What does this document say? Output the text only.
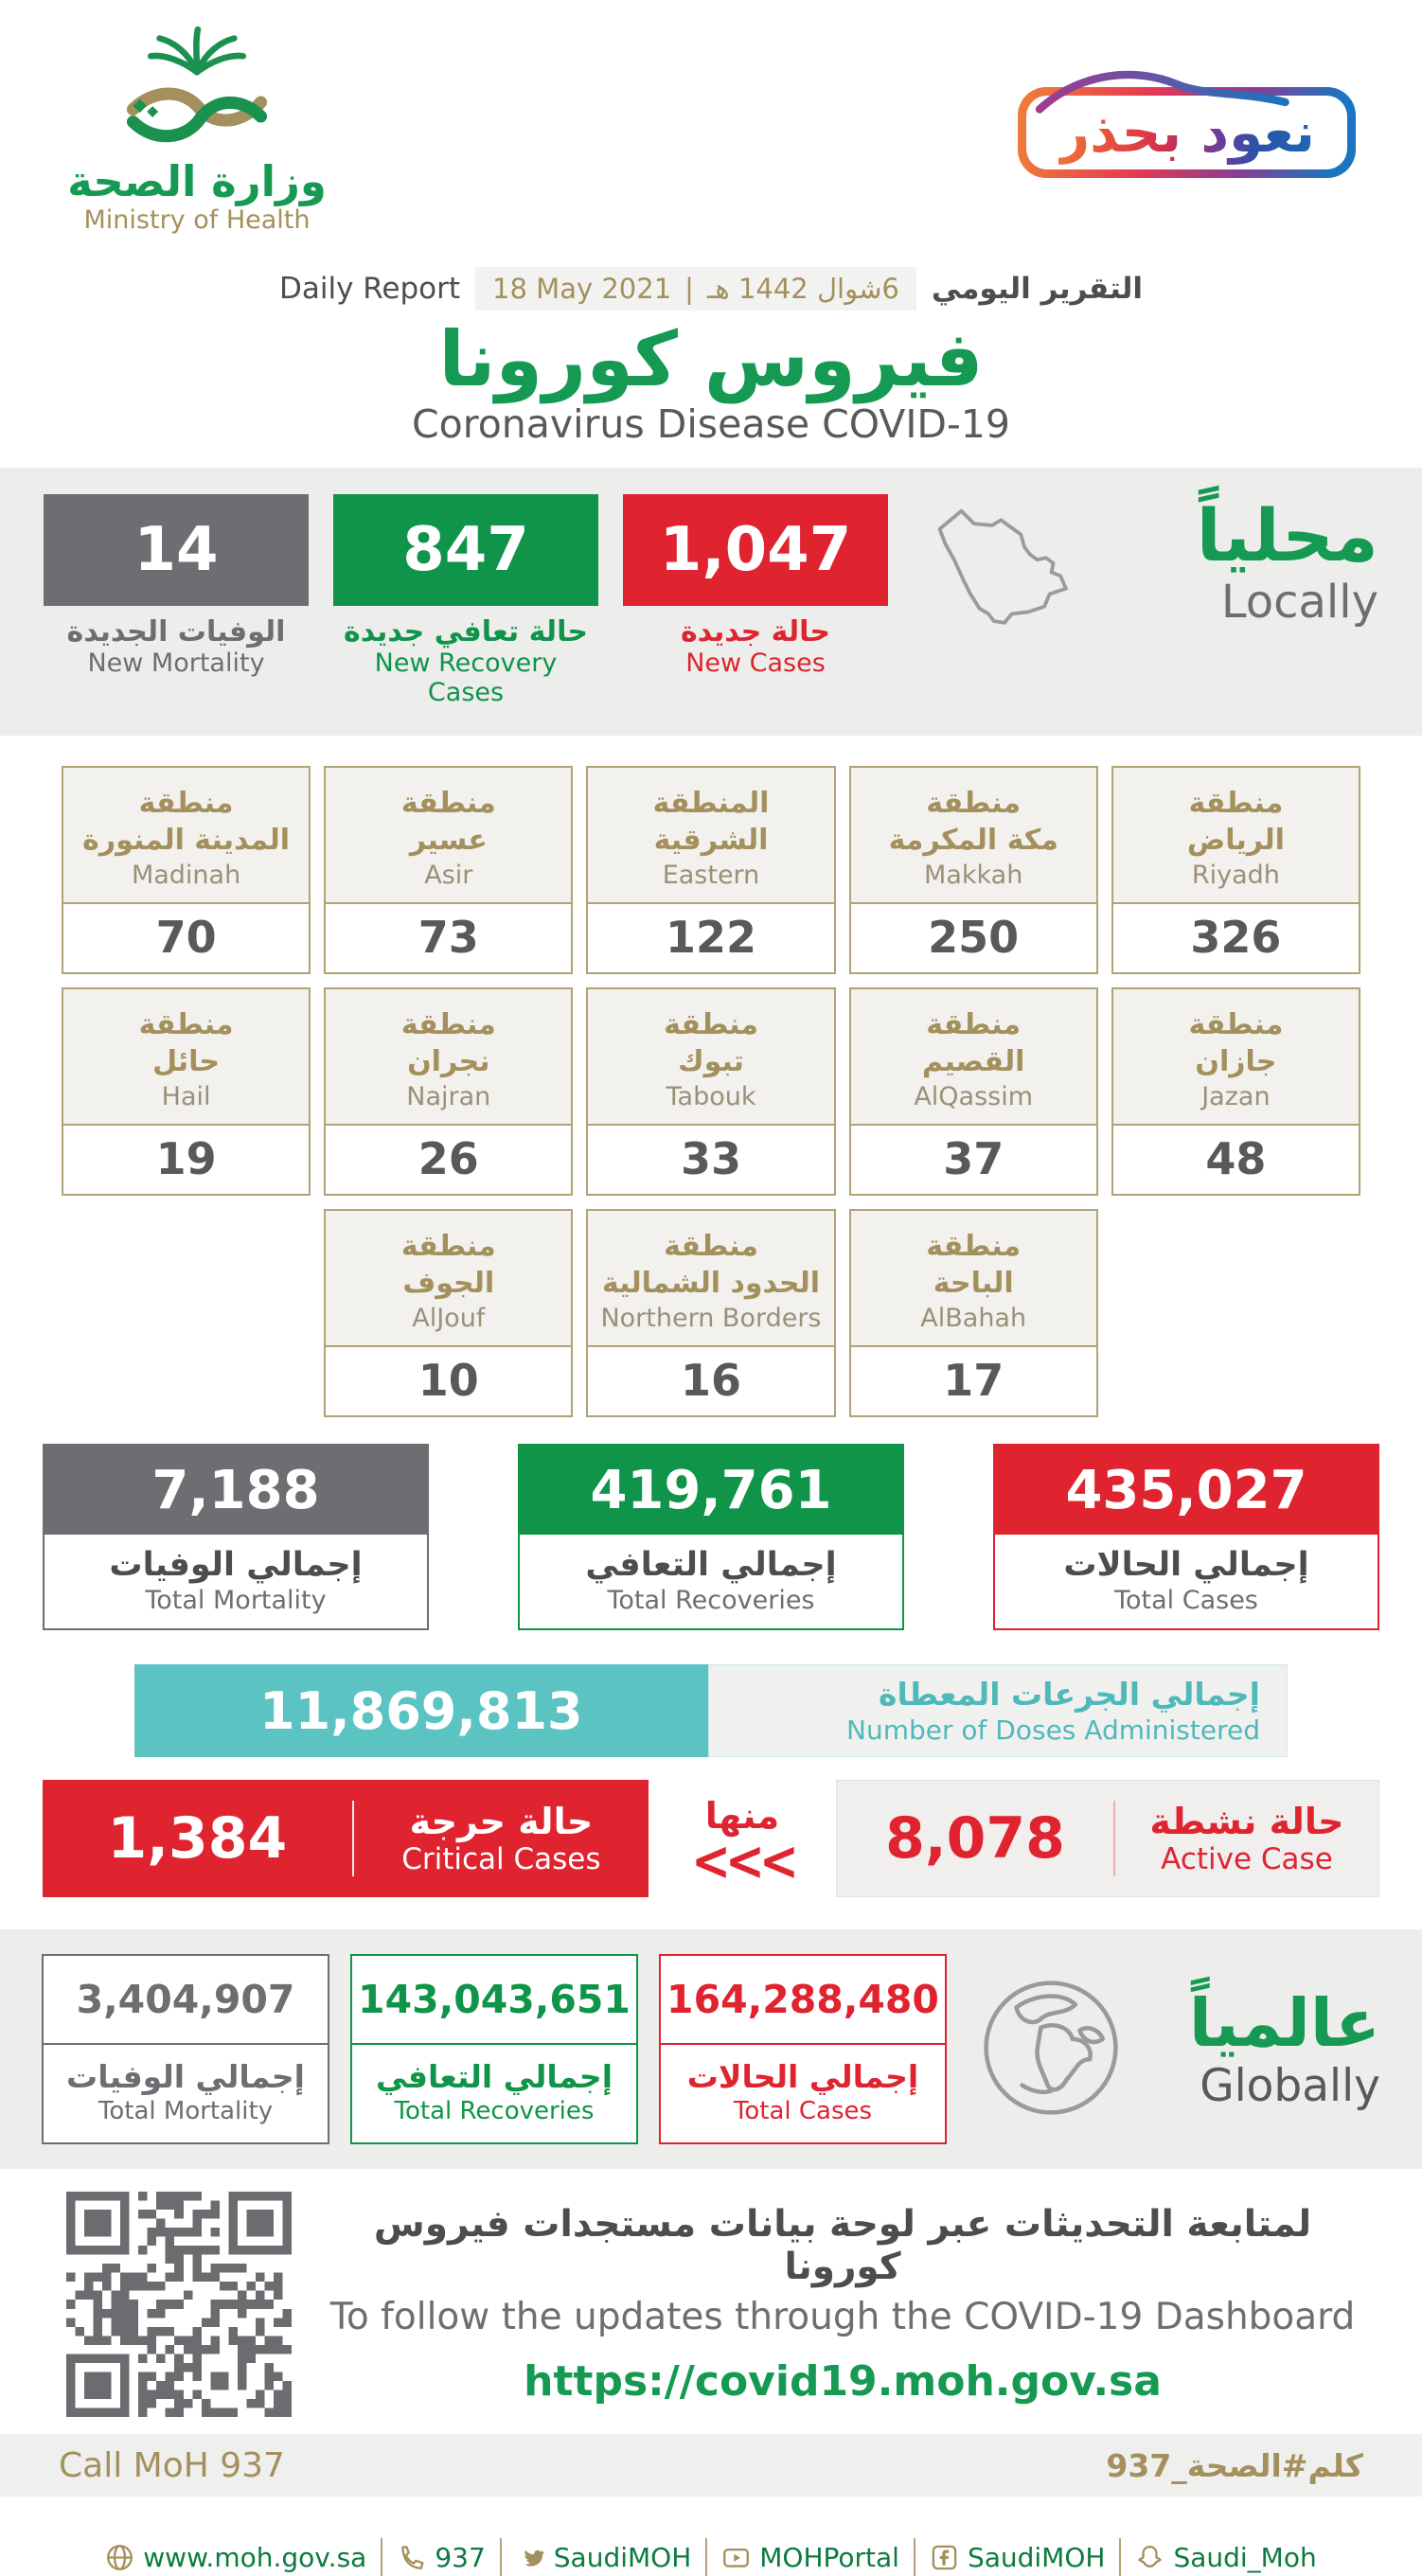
وزارة الصحة
Ministry of Health
نعود بحذر
Daily Report 18 May 2021 | 6شوال 1442 هـ التقرير اليومي
فيروس كورونا
Coronavirus Disease COVID-19
14
الوفيات الجديدة
New Mortality
847
حالة تعافي جديدة
New Recovery Cases
1,047
حالة جديدة
New Cases
محلياً
Locally
منطقة
المدينة المنورة
Madinah
70
منطقة
عسير
Asir
73
المنطقة
الشرقية
Eastern
122
منطقة
مكة المكرمة
Makkah
250
منطقة
الرياض
Riyadh
326
منطقة
حائل
Hail
19
منطقة
نجران
Najran
26
منطقة
تبوك
Tabouk
33
منطقة
القصيم
AlQassim
37
منطقة
جازان
Jazan
48
منطقة
الجوف
AlJouf
10
منطقة
الحدود الشمالية
Northern Borders
16
منطقة
الباحة
AlBahah
17
7,188
إجمالي الوفيات
Total Mortality
419,761
إجمالي التعافي
Total Recoveries
435,027
إجمالي الحالات
Total Cases
11,869,813	إجمالي الجرعات المعطاة
Number of Doses Administered
1,384	حالة حرجة
Critical Cases
منها
<<<	8,078	حالة نشطة
Active Case
3,404,907
إجمالي الوفيات
Total Mortality
143,043,651
إجمالي التعافي
Total Recoveries
164,288,480
إجمالي الحالات
Total Cases
عالمياً
Globally
لمتابعة التحديثات عبر لوحة بيانات مستجدات فيروس كورونا
To follow the updates through the COVID-19 Dashboard
https://covid19.moh.gov.sa
Call MoH 937	كلم#الصحة_937
www.moh.gov.sa	937	SaudiMOH	MOHPortal	SaudiMOH	Saudi_Moh
